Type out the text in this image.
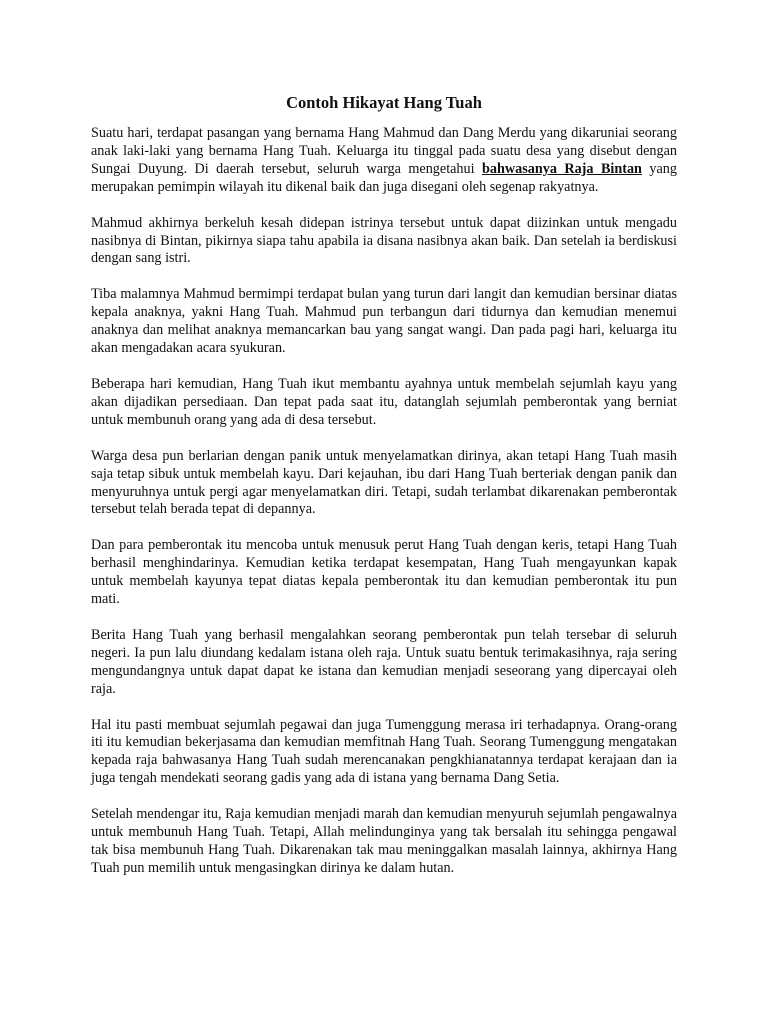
Contoh Hikayat Hang Tuah

Suatu hari, terdapat pasangan yang bernama Hang Mahmud dan Dang Merdu yang dikaruniai seorang anak laki-laki yang bernama Hang Tuah. Keluarga itu tinggal pada suatu desa yang disebut dengan Sungai Duyung. Di daerah tersebut, seluruh warga mengetahui bahwasanya Raja Bintan yang merupakan pemimpin wilayah itu dikenal baik dan juga disegani oleh segenap rakyatnya.

Mahmud akhirnya berkeluh kesah didepan istrinya tersebut untuk dapat diizinkan untuk mengadu nasibnya di Bintan, pikirnya siapa tahu apabila ia disana nasibnya akan baik. Dan setelah ia berdiskusi dengan sang istri.

Tiba malamnya Mahmud bermimpi terdapat bulan yang turun dari langit dan kemudian bersinar diatas kepala anaknya, yakni Hang Tuah. Mahmud pun terbangun dari tidurnya dan kemudian menemui anaknya dan melihat anaknya memancarkan bau yang sangat wangi. Dan pada pagi hari, keluarga itu akan mengadakan acara syukuran.

Beberapa hari kemudian, Hang Tuah ikut membantu ayahnya untuk membelah sejumlah kayu yang akan dijadikan persediaan. Dan tepat pada saat itu, datanglah sejumlah pemberontak yang berniat untuk membunuh orang yang ada di desa tersebut.

Warga desa pun berlarian dengan panik untuk menyelamatkan dirinya, akan tetapi Hang Tuah masih saja tetap sibuk untuk membelah kayu. Dari kejauhan, ibu dari Hang Tuah berteriak dengan panik dan menyuruhnya untuk pergi agar menyelamatkan diri. Tetapi, sudah terlambat dikarenakan pemberontak tersebut telah berada tepat di depannya.

Dan para pemberontak itu mencoba untuk menusuk perut Hang Tuah dengan keris, tetapi Hang Tuah berhasil menghindarinya. Kemudian ketika terdapat kesempatan, Hang Tuah mengayunkan kapak untuk membelah kayunya tepat diatas kepala pemberontak itu dan kemudian pemberontak itu pun mati.

Berita Hang Tuah yang berhasil mengalahkan seorang pemberontak pun telah tersebar di seluruh negeri. Ia pun lalu diundang kedalam istana oleh raja. Untuk suatu bentuk terimakasihnya, raja sering mengundangnya untuk dapat dapat ke istana dan kemudian menjadi seseorang yang dipercayai oleh raja.

Hal itu pasti membuat sejumlah pegawai dan juga Tumenggung merasa iri terhadapnya. Orang-orang iti itu kemudian bekerjasama dan kemudian memfitnah Hang Tuah. Seorang Tumenggung mengatakan kepada raja bahwasanya Hang Tuah sudah merencanakan pengkhianatannya terdapat kerajaan dan ia juga tengah mendekati seorang gadis yang ada di istana yang bernama Dang Setia.

Setelah mendengar itu, Raja kemudian menjadi marah dan kemudian menyuruh sejumlah pengawalnya untuk membunuh Hang Tuah. Tetapi, Allah melindunginya yang tak bersalah itu sehingga pengawal tak bisa membunuh Hang Tuah. Dikarenakan tak mau meninggalkan masalah lainnya, akhirnya Hang Tuah pun memilih untuk mengasingkan dirinya ke dalam hutan.
